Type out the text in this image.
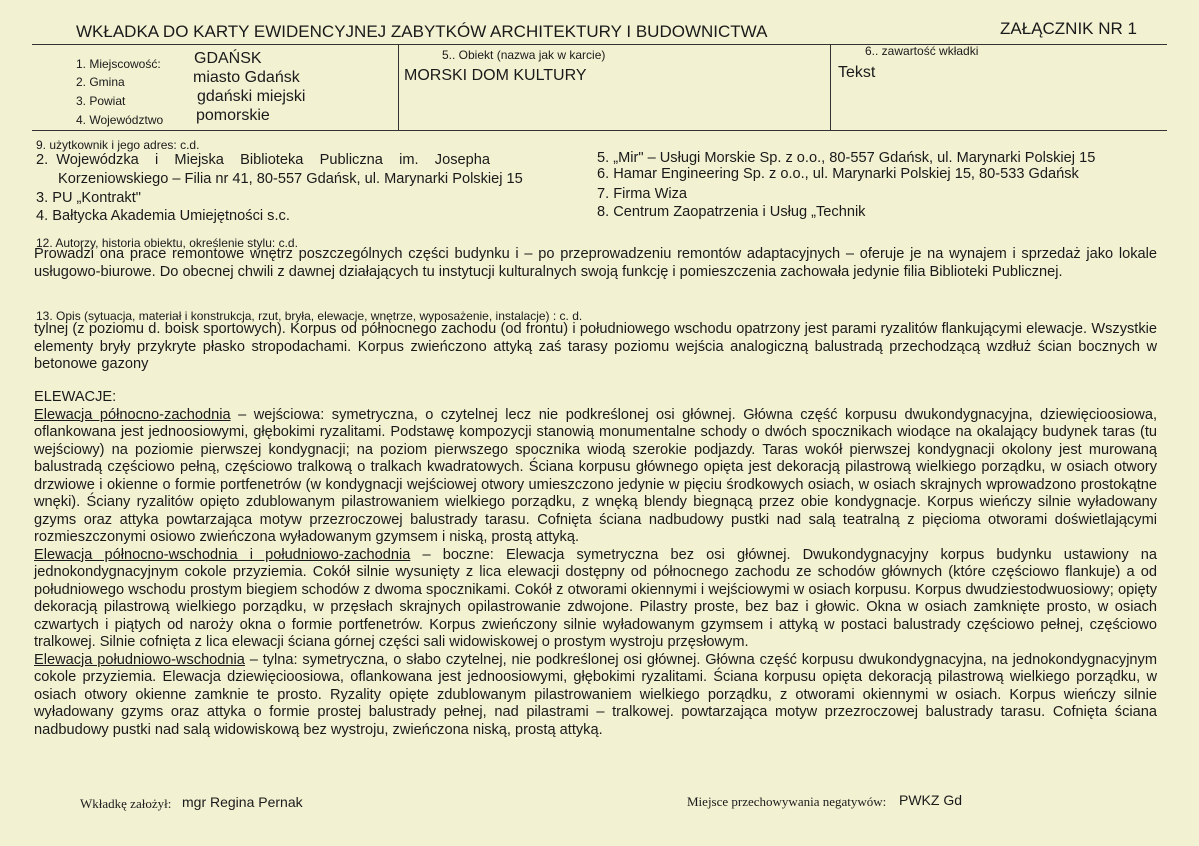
WKŁADKA DO KARTY EWIDENCYJNEJ ZABYTKÓW ARCHITEKTURY I BUDOWNICTWA	ZAŁĄCZNIK NR 1
1. Miejscowość: GDAŃSK
2. Gmina	miasto Gdańsk
3. Powiat	gdański miejski
4. Województwo pomorskie
5.. Obiekt (nazwa jak w karcie)
MORSKI DOM KULTURY
6.. zawartość wkładki
Tekst
9. użytkownik i jego adres: c.d.
2.  Wojewódzka    i    Miejska    Biblioteka    Publiczna    im.    Josepha
Korzeniowskiego – Filia nr 41, 80-557 Gdańsk, ul. Marynarki Polskiej 15
3. PU „Kontrakt"
4. Bałtycka Akademia Umiejętności s.c.
5. „Mir" – Usługi Morskie Sp. z o.o., 80-557 Gdańsk, ul. Marynarki Polskiej 15
6. Hamar Engineering Sp. z o.o., ul. Marynarki Polskiej 15, 80-533 Gdańsk
7. Firma Wiza
8. Centrum Zaopatrzenia i Usług „Technik
12. Autorzy, historia obiektu, określenie stylu: c.d.
Prowadzi ona prace remontowe wnętrz poszczególnych części budynku i – po przeprowadzeniu remontów adaptacyjnych – oferuje je na wynajem i sprzedaż jako lokale usługowo-biurowe. Do obecnej chwili z dawnej działających tu instytucji kulturalnych swoją funkcję i pomieszczenia zachowała jedynie filia Biblioteki Publicznej.
13. Opis (sytuacja, materiał i konstrukcja, rzut, bryła, elewacje, wnętrze, wyposażenie, instalacje) : c. d.
tylnej (z poziomu d. boisk sportowych). Korpus od północnego zachodu (od frontu) i południowego wschodu opatrzony jest parami ryzalitów flankującymi elewacje. Wszystkie elementy bryły przykryte płasko stropodachami. Korpus zwieńczono attyką zaś tarasy poziomu wejścia analogiczną balustradą przechodzącą wzdłuż ścian bocznych w betonowe gazony
ELEWACJE:
Elewacja północno-zachodnia – wejściowa: symetryczna, o czytelnej lecz nie podkreślonej osi głównej. Główna część korpusu dwukondygnacyjna, dziewięcioosiowa, oflankowana jest jednoosiowymi, głębokimi ryzalitami. Podstawę kompozycji stanowią monumentalne schody o dwóch spocznikach wiodące na okalający budynek taras (tu wejściowy) na poziomie pierwszej kondygnacji; na poziom pierwszego spocznika wiodą szerokie podjazdy. Taras wokół pierwszej kondygnacji okolony jest murowaną balustradą częściowo pełną, częściowo tralkową o tralkach kwadratowych. Ściana korpusu głównego opięta jest dekoracją pilastrową wielkiego porządku, w osiach otwory drzwiowe i okienne o formie portfenetrów (w kondygnacji wejściowej otwory umieszczono jedynie w pięciu środkowych osiach, w osiach skrajnych wprowadzono prostokątne wnęki). Ściany ryzalitów opięto zdublowanym pilastrowaniem wielkiego porządku, z wnęką blendy biegnącą przez obie kondygnacje. Korpus wieńczy silnie wyładowany gzyms oraz attyka powtarzająca motyw przezroczowej balustrady tarasu. Cofnięta ściana nadbudowy pustki nad salą teatralną z pięcioma otworami doświetlającymi rozmieszczonymi osiowo zwieńczona wyładowanym gzymsem i niską, prostą attyką.
Elewacja północno-wschodnia i południowo-zachodnia – boczne: Elewacja symetryczna bez osi głównej. Dwukondygnacyjny korpus budynku ustawiony na jednokondygnacyjnym cokole przyziemia. Cokół silnie wysunięty z lica elewacji dostępny od północnego zachodu ze schodów głównych (które częściowo flankuje) a od południowego wschodu prostym biegiem schodów z dwoma spocznikami. Cokół z otworami okiennymi i wejściowymi w osiach korpusu. Korpus dwudziestodwuosiowy; opięty dekoracją pilastrową wielkiego porządku, w przęsłach skrajnych opilastrowanie zdwojone. Pilastry proste, bez baz i głowic. Okna w osiach zamknięte prosto, w osiach czwartych i piątych od naroży okna o formie portfenetrów. Korpus zwieńczony silnie wyładowanym gzymsem i attyką w postaci balustrady częściowo pełnej, częściowo tralkowej. Silnie cofnięta z lica elewacji ściana górnej części sali widowiskowej o prostym wystroju przęsłowym.
Elewacja południowo-wschodnia – tylna: symetryczna, o słabo czytelnej, nie podkreślonej osi głównej. Główna część korpusu dwukondygnacyjna, na jednokondygnacyjnym cokole przyziemia. Elewacja dziewięcioosiowa, oflankowana jest jednoosiowymi, głębokimi ryzalitami. Ściana korpusu opięta dekoracją pilastrową wielkiego porządku, w osiach otwory okienne zamknie te prosto. Ryzality opięte zdublowanym pilastrowaniem wielkiego porządku, z otworami okiennymi w osiach. Korpus wieńczy silnie wyładowany gzyms oraz attyka o formie prostej balustrady pełnej, nad pilastrami – tralkowej. powtarzająca motyw przezroczowej balustrady tarasu. Cofnięta ściana nadbudowy pustki nad salą widowiskową bez wystroju, zwieńczona niską, prostą attyką.
Wkładkę założył: mgr Regina Pernak	Miejsce przechowywania negatywów: PWKZ Gd
